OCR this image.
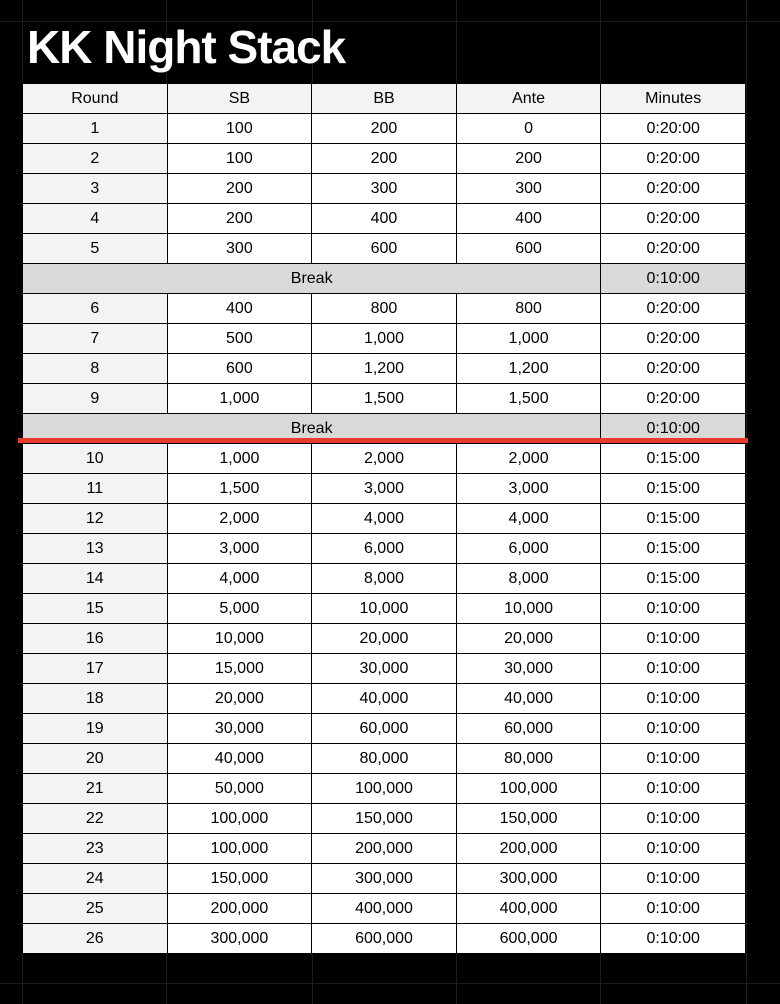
KK Night Stack
Round	SB	BB	Ante	Minutes
1	100	200	0	0:20:00
2	100	200	200	0:20:00
3	200	300	300	0:20:00
4	200	400	400	0:20:00
5	300	600	600	0:20:00
Break				0:10:00
6	400	800	800	0:20:00
7	500	1,000	1,000	0:20:00
8	600	1,200	1,200	0:20:00
9	1,000	1,500	1,500	0:20:00
Break				0:10:00
10	1,000	2,000	2,000	0:15:00
11	1,500	3,000	3,000	0:15:00
12	2,000	4,000	4,000	0:15:00
13	3,000	6,000	6,000	0:15:00
14	4,000	8,000	8,000	0:15:00
15	5,000	10,000	10,000	0:10:00
16	10,000	20,000	20,000	0:10:00
17	15,000	30,000	30,000	0:10:00
18	20,000	40,000	40,000	0:10:00
19	30,000	60,000	60,000	0:10:00
20	40,000	80,000	80,000	0:10:00
21	50,000	100,000	100,000	0:10:00
22	100,000	150,000	150,000	0:10:00
23	100,000	200,000	200,000	0:10:00
24	150,000	300,000	300,000	0:10:00
25	200,000	400,000	400,000	0:10:00
26	300,000	600,000	600,000	0:10:00
